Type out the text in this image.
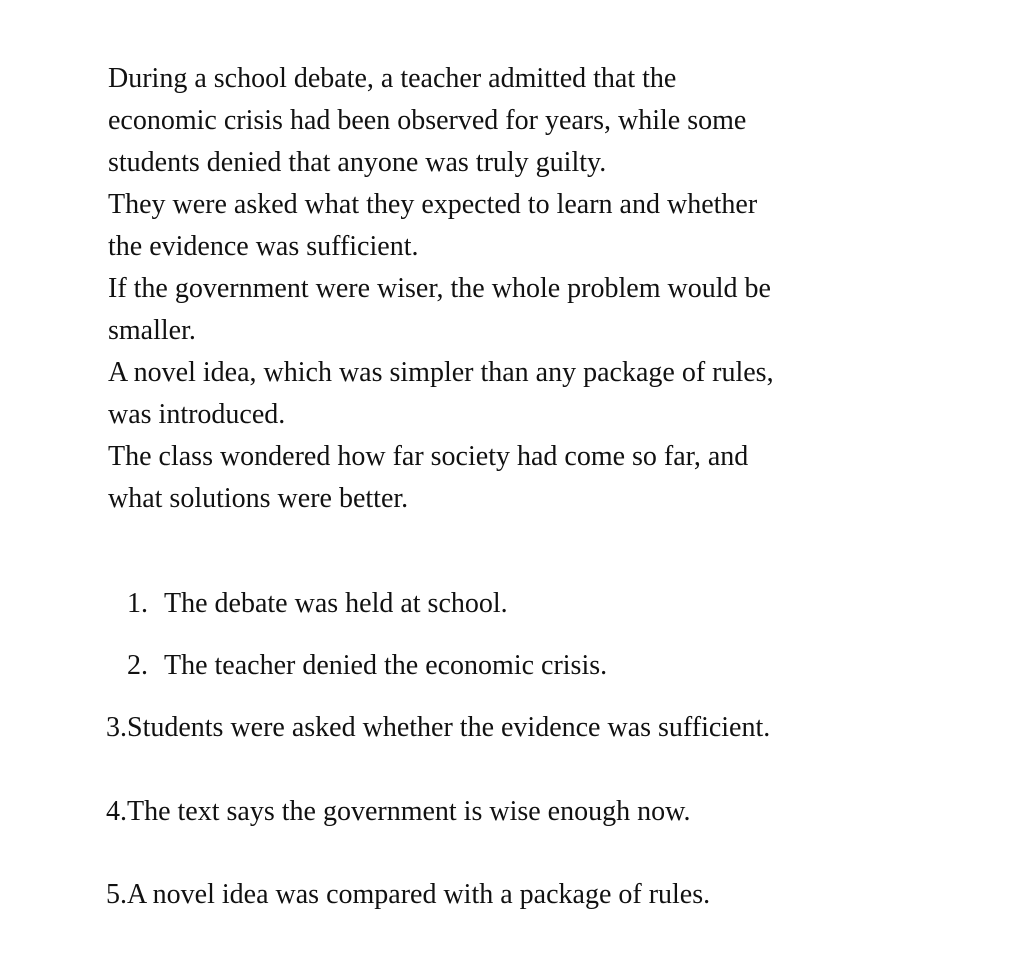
During a school debate, a teacher admitted that the
economic crisis had been observed for years, while some
students denied that anyone was truly guilty.
They were asked what they expected to learn and whether
the evidence was sufficient.
If the government were wiser, the whole problem would be
smaller.
A novel idea, which was simpler than any package of rules,
was introduced.
The class wondered how far society had come so far, and
what solutions were better.
1. The debate was held at school.
2. The teacher denied the economic crisis.
3.Students were asked whether the evidence was sufficient.
4.The text says the government is wise enough now.
5.A novel idea was compared with a package of rules.
